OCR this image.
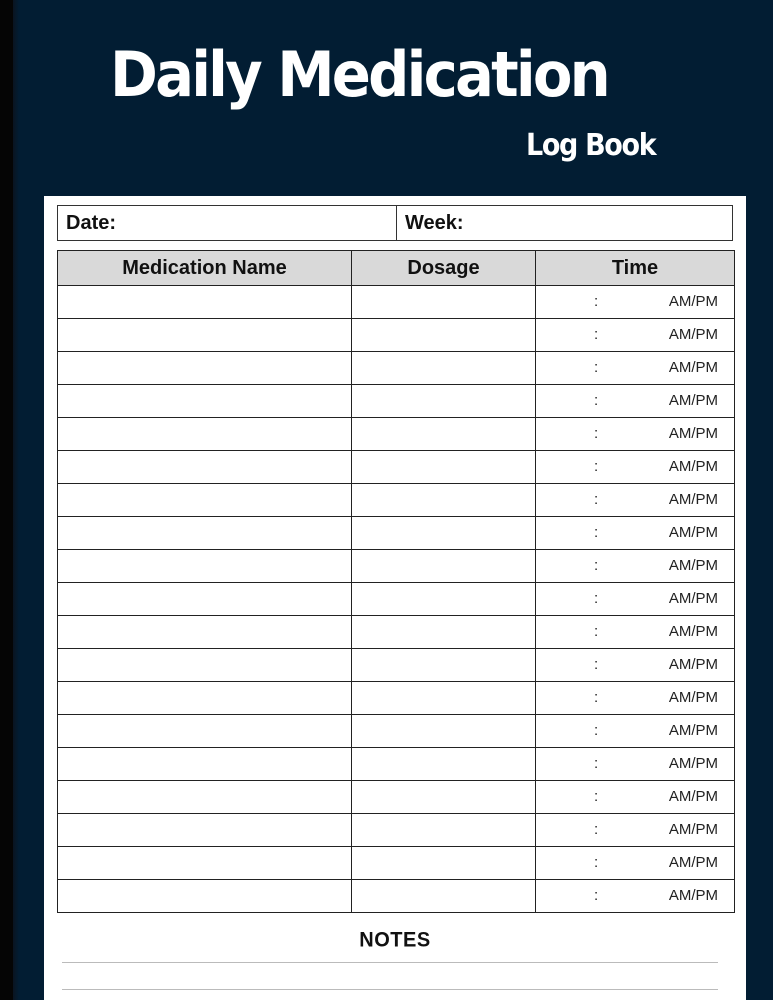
Daily Medication
Log Book
Date:	Week:
Medication Name	Dosage	Time

		: AM/PM

		: AM/PM

		: AM/PM

		: AM/PM

		: AM/PM

		: AM/PM

		: AM/PM

		: AM/PM

		: AM/PM

		: AM/PM

		: AM/PM

		: AM/PM

		: AM/PM

		: AM/PM

		: AM/PM

		: AM/PM

		: AM/PM

		: AM/PM

		: AM/PM
NOTES
